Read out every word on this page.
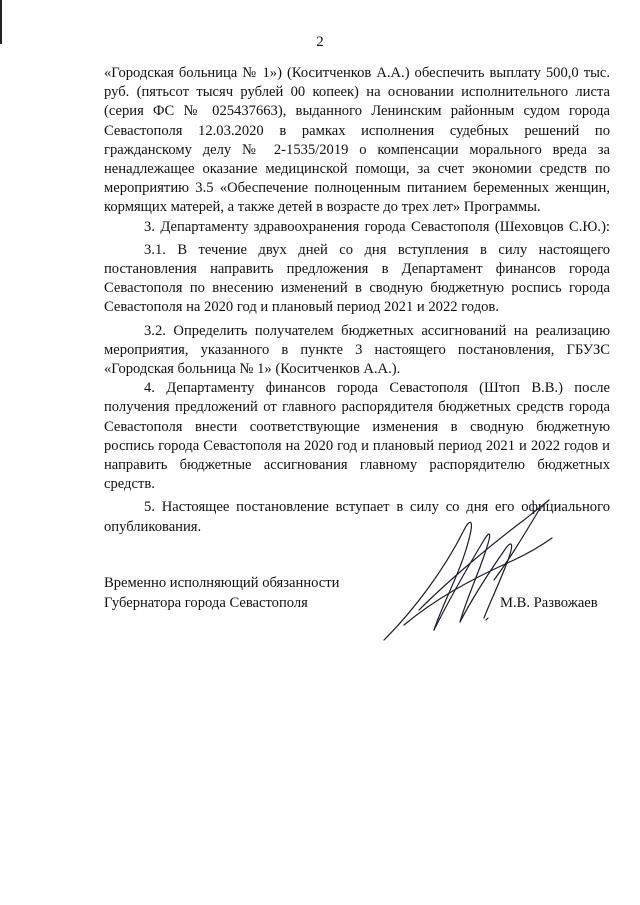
2

«Городская больница № 1») (Коситченков А.А.) обеспечить выплату 500,0 тыс. руб. (пятьсот тысяч рублей 00 копеек) на основании исполнительного листа (серия ФС № 025437663), выданного Ленинским районным судом города Севастополя 12.03.2020 в рамках исполнения судебных решений по гражданскому делу № 2-1535/2019 о компенсации морального вреда за ненадлежащее оказание медицинской помощи, за счет экономии средств по мероприятию 3.5 «Обеспечение полноценным питанием беременных женщин, кормящих матерей, а также детей в возрасте до трех лет» Программы.

3. Департаменту здравоохранения города Севастополя (Шеховцов С.Ю.):

3.1. В течение двух дней со дня вступления в силу настоящего постановления направить предложения в Департамент финансов города Севастополя по внесению изменений в сводную бюджетную роспись города Севастополя на 2020 год и плановый период 2021 и 2022 годов.

3.2. Определить получателем бюджетных ассигнований на реализацию мероприятия, указанного в пункте 3 настоящего постановления, ГБУЗС «Городская больница № 1» (Коситченков А.А.).

4. Департаменту финансов города Севастополя (Штоп В.В.) после получения предложений от главного распорядителя бюджетных средств города Севастополя внести соответствующие изменения в сводную бюджетную роспись города Севастополя на 2020 год и плановый период 2021 и 2022 годов и направить бюджетные ассигнования главному распорядителю бюджетных средств.

5. Настоящее постановление вступает в силу со дня его официального опубликования.

Временно исполняющий обязанности
Губернатора города Севастополя	М.В. Развожаев
